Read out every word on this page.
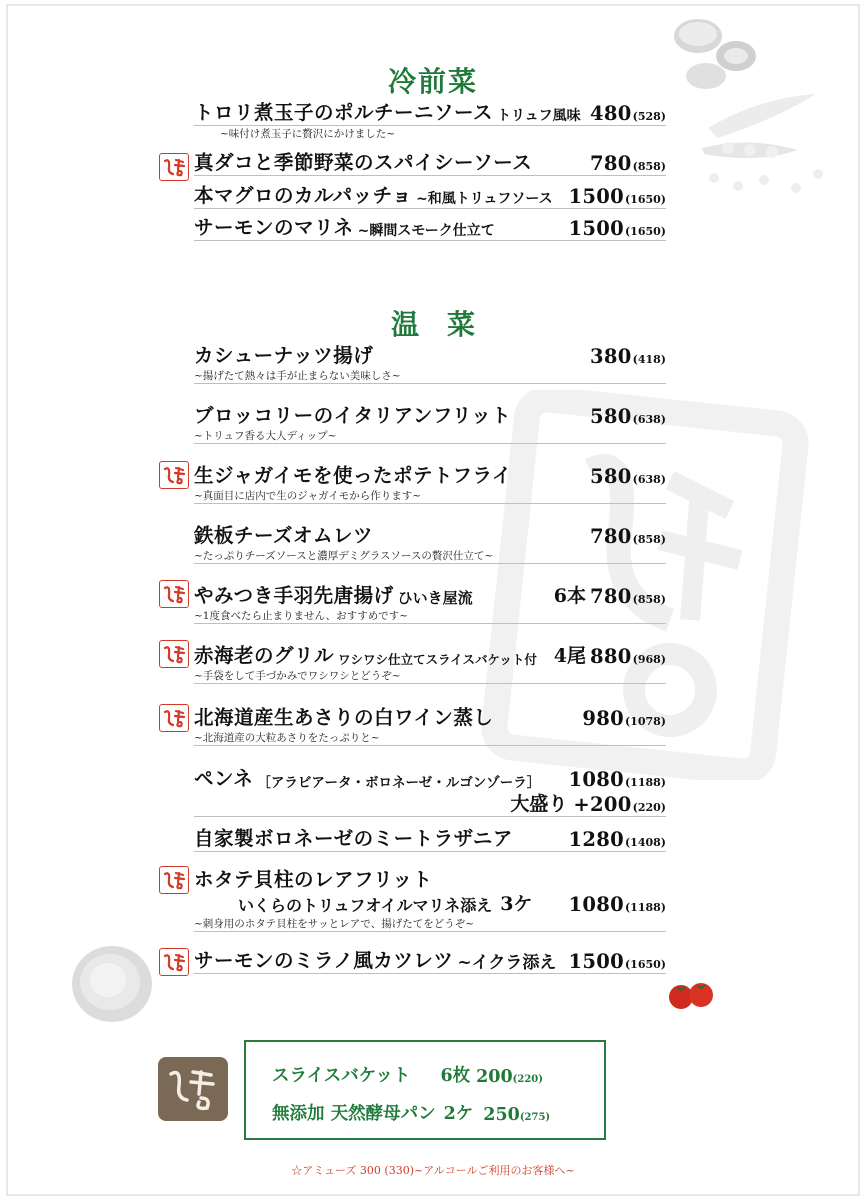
冷前菜
トロリ煮玉子のポルチーニソース トリュフ風味 480 (528)
~味付け煮玉子に贅沢にかけました~
真ダコと季節野菜のスパイシーソース	780 (858)
本マグロのカルパッチョ ~和風トリュフソース 1500 (1650)
サーモンのマリネ ~瞬間スモーク仕立て	1500 (1650)
温菜
カシューナッツ揚げ	380 (418)
~揚げたて熱々は手が止まらない美味しさ~
ブロッコリーのイタリアンフリット	580 (638)
~トリュフ香る大人ディップ~
生ジャガイモを使ったポテトフライ	580 (638)
~真面目に店内で生のジャガイモから作ります~
鉄板チーズオムレツ	780 (858)
~たっぷりチーズソースと濃厚デミグラスソースの贅沢仕立て~
やみつき手羽先唐揚げ ひいき屋流	6本 780 (858)
~1度食べたら止まりません、おすすめです~
赤海老のグリル ワシワシ仕立てスライスバケット付 4尾 880 (968)
~手袋をして手づかみでワシワシとどうぞ~
北海道産生あさりの白ワイン蒸し	980 (1078)
~北海道産の大粒あさりをたっぷりと~
ペンネ ［アラビアータ・ボロネーゼ・ルゴンゾーラ］ 1080 (1188)
大盛り +200 (220)
自家製ボロネーゼのミートラザニア	1280 (1408)
ホタテ貝柱のレアフリット
いくらのトリュフオイルマリネ添え 3ケ 1080 (1188)
~刺身用のホタテ貝柱をサッとレアで、揚げたてをどうぞ~
サーモンのミラノ風カツレツ ~イクラ添え 1500 (1650)
スライスバケット 6枚 200 (220)
無添加 天然酵母パン 2ケ 250 (275)
☆アミューズ 300 (330)~アルコールご利用のお客様へ~
